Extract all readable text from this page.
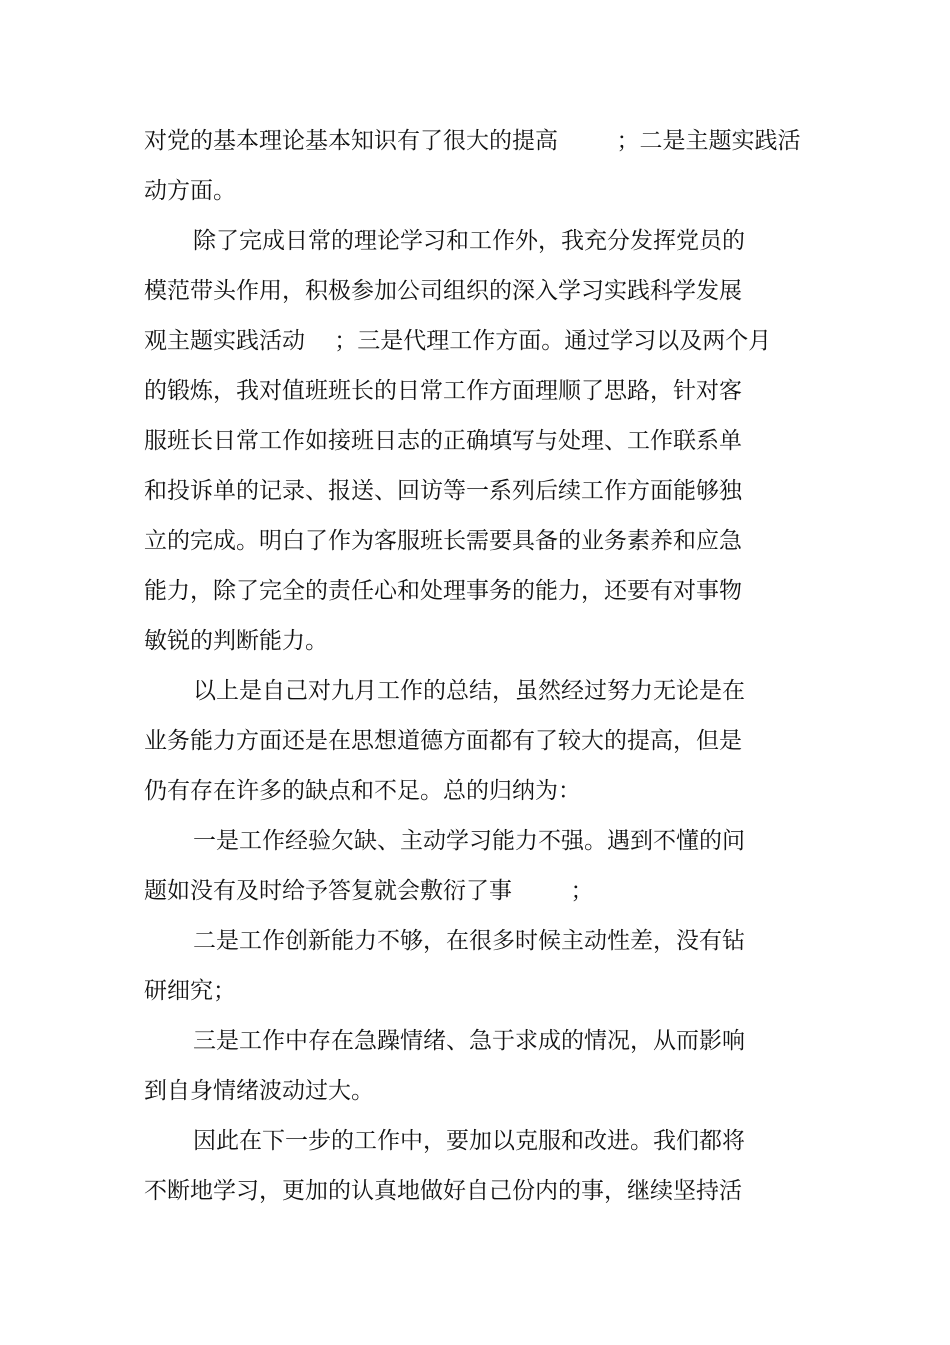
对党的基本理论基本知识有了很大的提高        ；二是主题实践活
动方面。
除了完成日常的理论学习和工作外，我充分发挥党员的
模范带头作用，积极参加公司组织的深入学习实践科学发展
观主题实践活动    ；三是代理工作方面。通过学习以及两个月
的锻炼，我对值班班长的日常工作方面理顺了思路，针对客
服班长日常工作如接班日志的正确填写与处理、工作联系单
和投诉单的记录、报送、回访等一系列后续工作方面能够独
立的完成。明白了作为客服班长需要具备的业务素养和应急
能力，除了完全的责任心和处理事务的能力，还要有对事物
敏锐的判断能力。
以上是自己对九月工作的总结，虽然经过努力无论是在
业务能力方面还是在思想道德方面都有了较大的提高，但是
仍有存在许多的缺点和不足。总的归纳为：
一是工作经验欠缺、主动学习能力不强。遇到不懂的问
题如没有及时给予答复就会敷衍了事        ；
二是工作创新能力不够，在很多时候主动性差，没有钻
研细究；
三是工作中存在急躁情绪、急于求成的情况，从而影响
到自身情绪波动过大。
因此在下一步的工作中，要加以克服和改进。我们都将
不断地学习，更加的认真地做好自己份内的事，继续坚持活
